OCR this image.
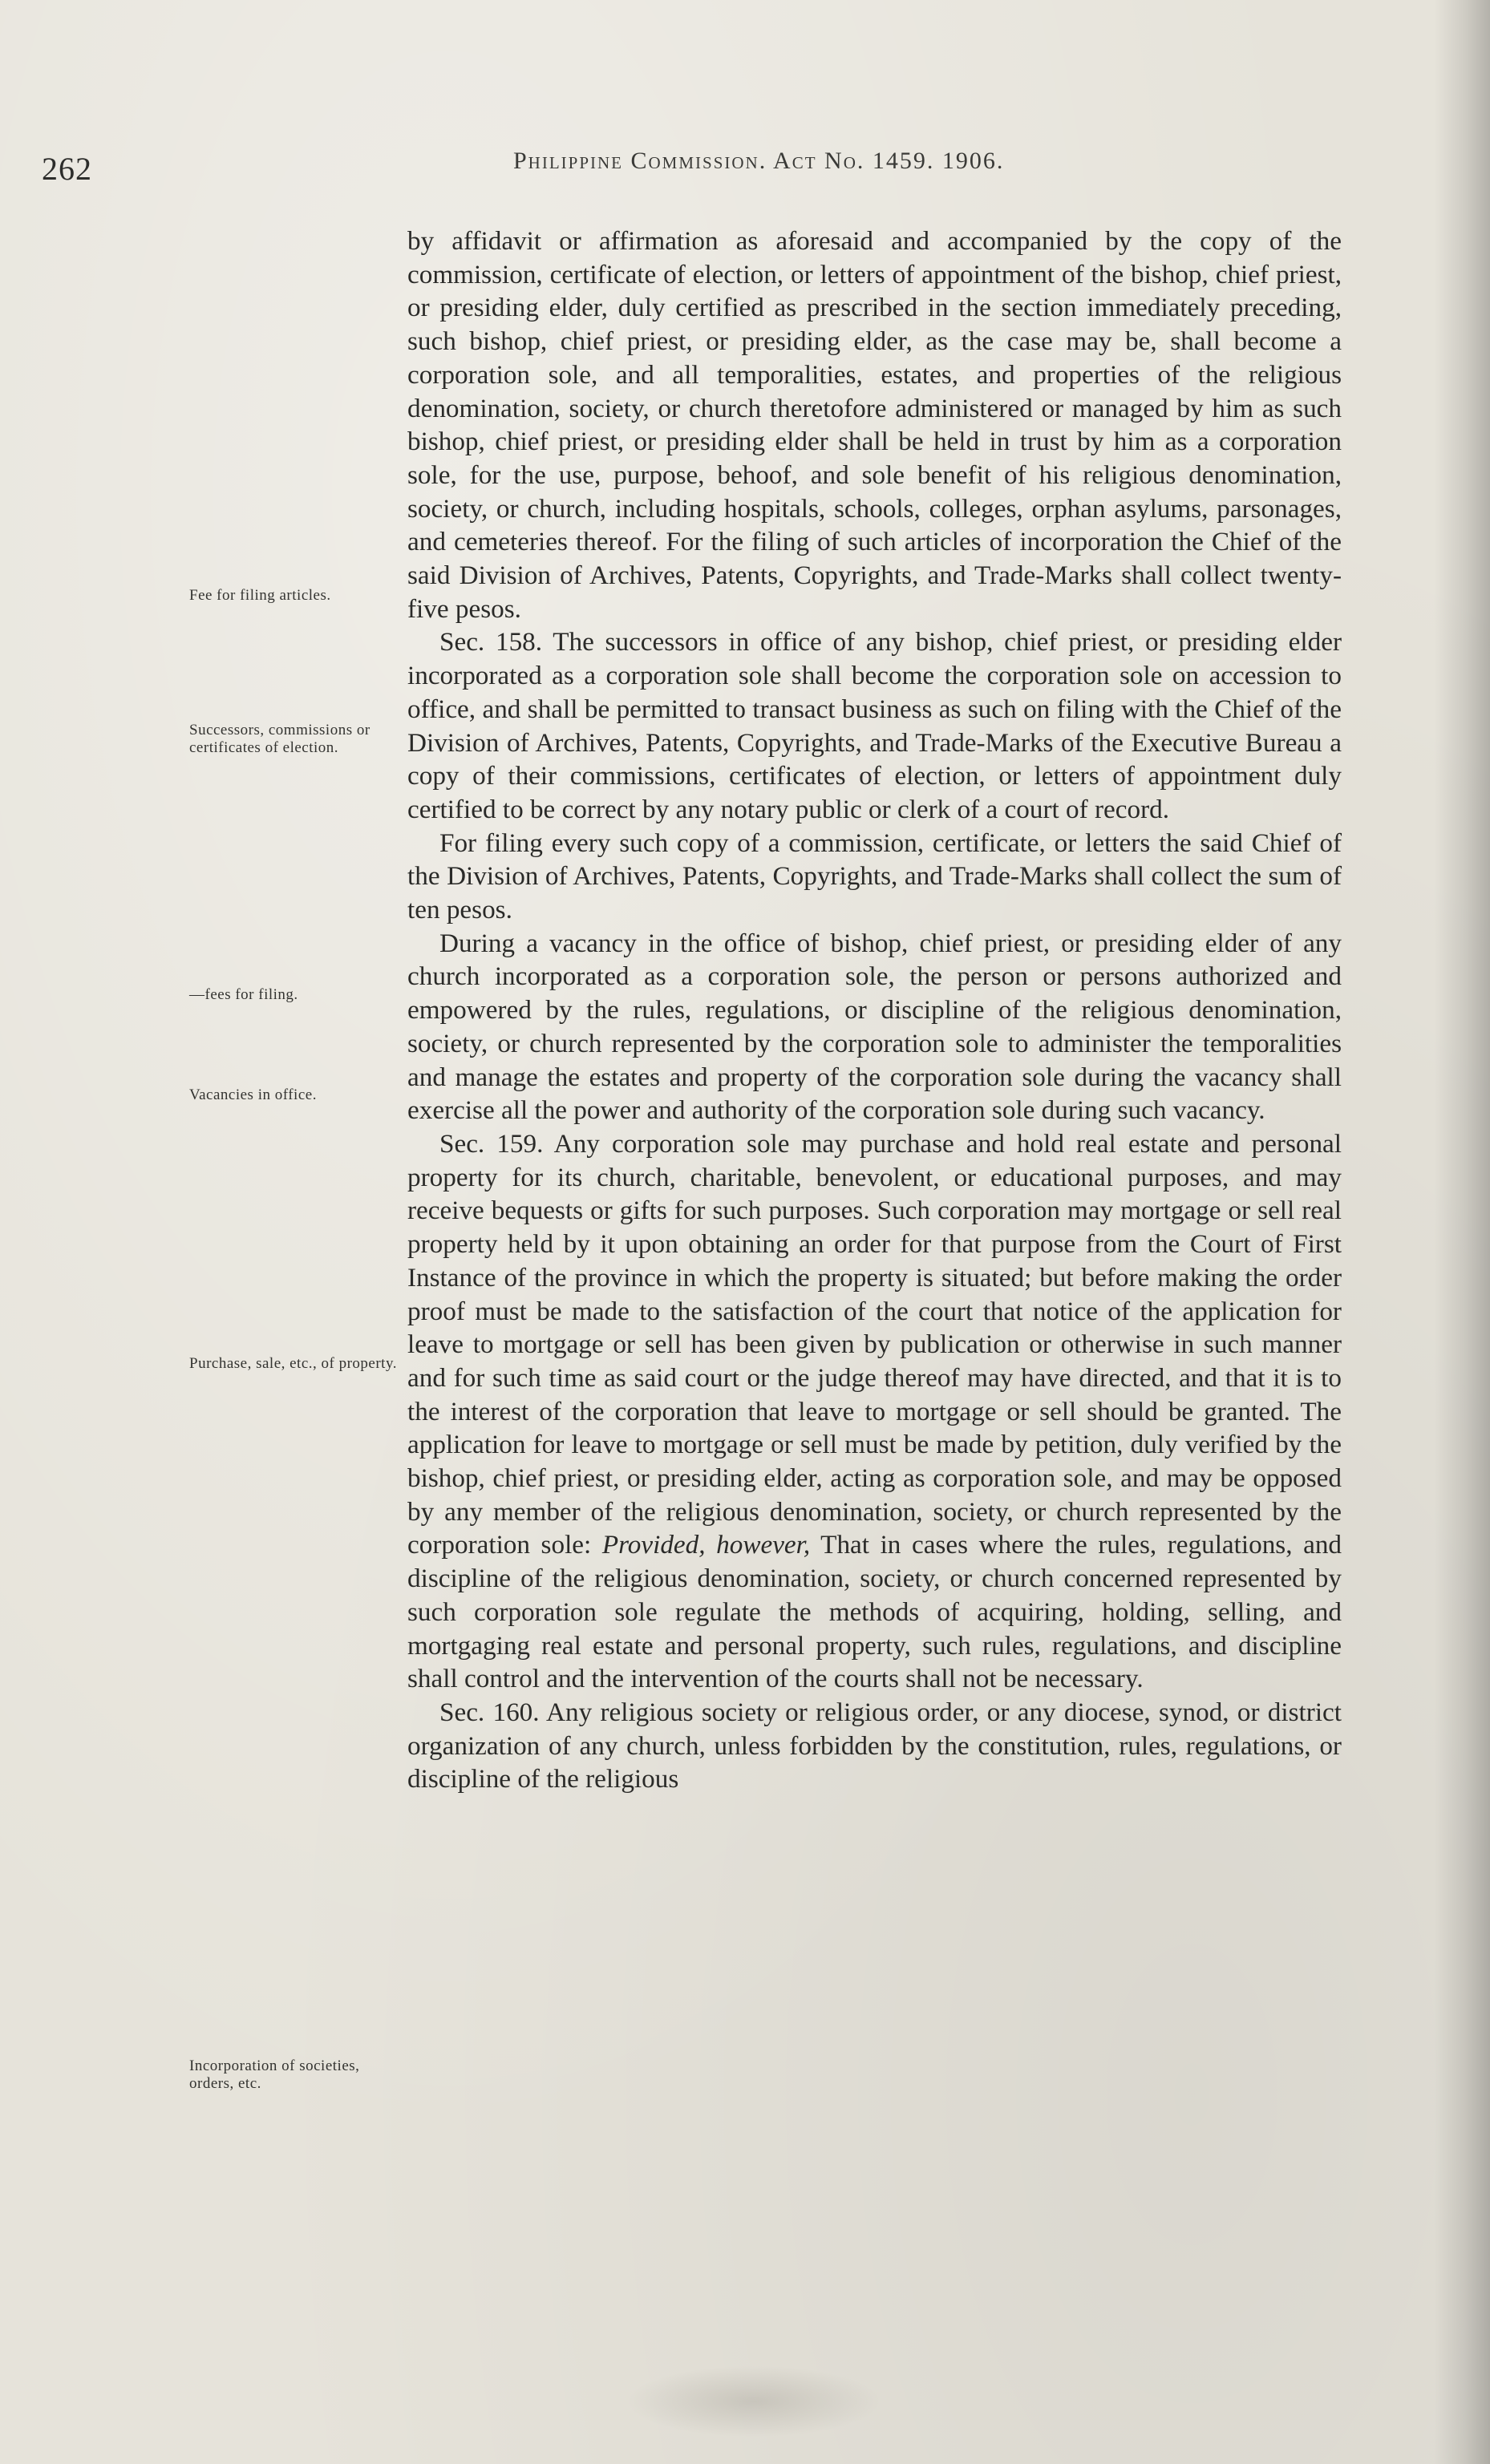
262	Philippine Commission. Act No. 1459. 1906.
Fee for filing articles.
Successors, commissions or certificates of election.
—fees for filing.
Vacancies in office.
Purchase, sale, etc., of property.
Incorporation of societies, orders, etc.

by affidavit or affirmation as aforesaid and accompanied by the copy of the commission, certificate of election, or letters of appointment of the bishop, chief priest, or presiding elder, duly certified as prescribed in the section immediately preceding, such bishop, chief priest, or presiding elder, as the case may be, shall become a corporation sole, and all temporalities, estates, and properties of the religious denomination, society, or church theretofore administered or managed by him as such bishop, chief priest, or presiding elder shall be held in trust by him as a corporation sole, for the use, purpose, behoof, and sole benefit of his religious denomination, society, or church, including hospitals, schools, colleges, orphan asylums, parsonages, and cemeteries thereof. For the filing of such articles of incorporation the Chief of the said Division of Archives, Patents, Copyrights, and Trade-Marks shall collect twenty-five pesos.

Sec. 158. The successors in office of any bishop, chief priest, or presiding elder incorporated as a corporation sole shall become the corporation sole on accession to office, and shall be permitted to transact business as such on filing with the Chief of the Division of Archives, Patents, Copyrights, and Trade-Marks of the Executive Bureau a copy of their commissions, certificates of election, or letters of appointment duly certified to be correct by any notary public or clerk of a court of record.

For filing every such copy of a commission, certificate, or letters the said Chief of the Division of Archives, Patents, Copyrights, and Trade-Marks shall collect the sum of ten pesos.

During a vacancy in the office of bishop, chief priest, or presiding elder of any church incorporated as a corporation sole, the person or persons authorized and empowered by the rules, regulations, or discipline of the religious denomination, society, or church represented by the corporation sole to administer the temporalities and manage the estates and property of the corporation sole during the vacancy shall exercise all the power and authority of the corporation sole during such vacancy.

Sec. 159. Any corporation sole may purchase and hold real estate and personal property for its church, charitable, benevolent, or educational purposes, and may receive bequests or gifts for such purposes. Such corporation may mortgage or sell real property held by it upon obtaining an order for that purpose from the Court of First Instance of the province in which the property is situated; but before making the order proof must be made to the satisfaction of the court that notice of the application for leave to mortgage or sell has been given by publication or otherwise in such manner and for such time as said court or the judge thereof may have directed, and that it is to the interest of the corporation that leave to mortgage or sell should be granted. The application for leave to mortgage or sell must be made by petition, duly verified by the bishop, chief priest, or presiding elder, acting as corporation sole, and may be opposed by any member of the religious denomination, society, or church represented by the corporation sole: Provided, however, That in cases where the rules, regulations, and discipline of the religious denomination, society, or church concerned represented by such corporation sole regulate the methods of acquiring, holding, selling, and mortgaging real estate and personal property, such rules, regulations, and discipline shall control and the intervention of the courts shall not be necessary.

Sec. 160. Any religious society or religious order, or any diocese, synod, or district organization of any church, unless forbidden by the constitution, rules, regulations, or discipline of the religious
